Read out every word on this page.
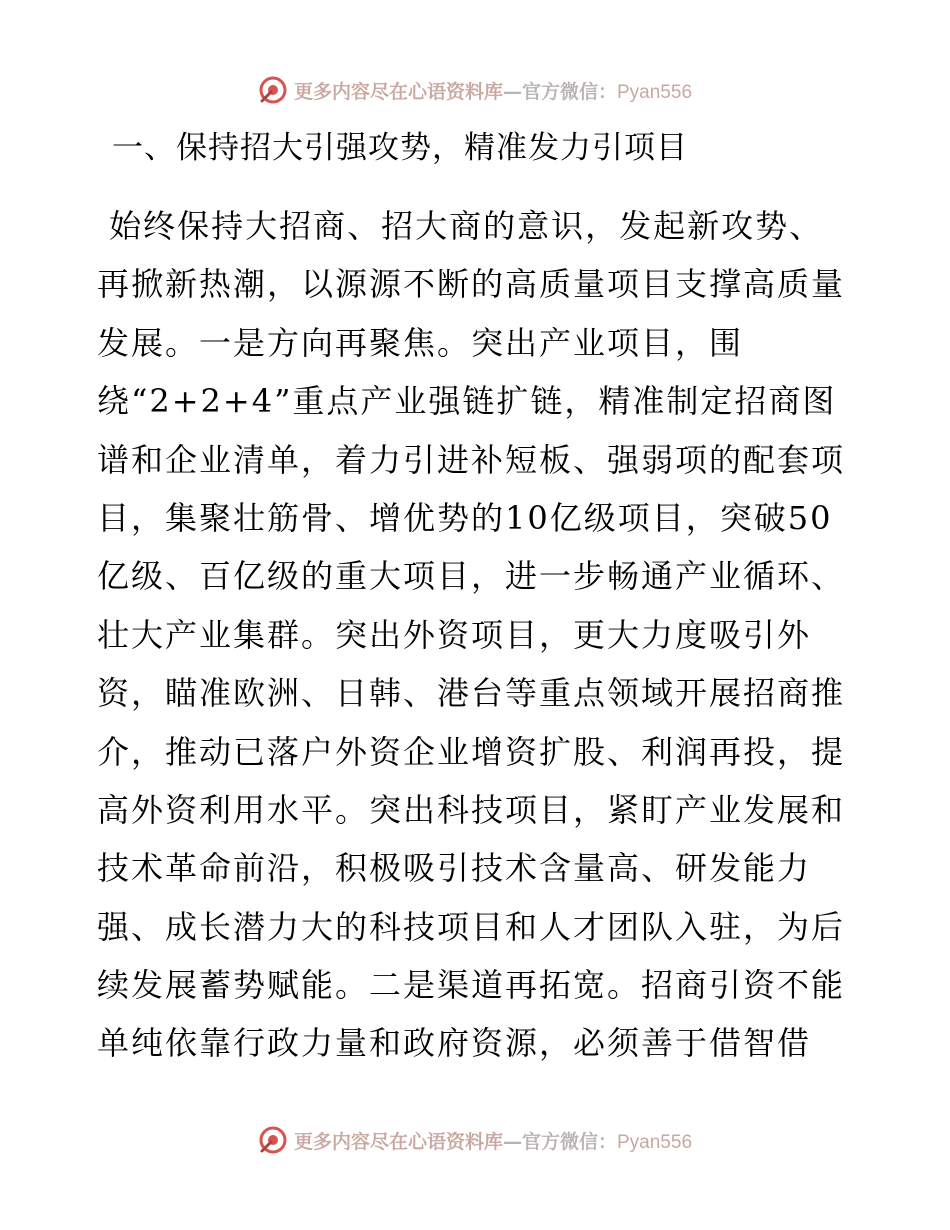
更多内容尽在心语资料库—官方微信：Pyan556
一、保持招大引强攻势，精准发力引项目
始终保持大招商、招大商的意识，发起新攻势、
再掀新热潮，以源源不断的高质量项目支撑高质量
发展。一是方向再聚焦。突出产业项目，围
绕“2+2+4”重点产业强链扩链，精准制定招商图
谱和企业清单，着力引进补短板、强弱项的配套项
目，集聚壮筋骨、增优势的10亿级项目，突破50
亿级、百亿级的重大项目，进一步畅通产业循环、
壮大产业集群。突出外资项目，更大力度吸引外
资，瞄准欧洲、日韩、港台等重点领域开展招商推
介，推动已落户外资企业增资扩股、利润再投，提
高外资利用水平。突出科技项目，紧盯产业发展和
技术革命前沿，积极吸引技术含量高、研发能力
强、成长潜力大的科技项目和人才团队入驻，为后
续发展蓄势赋能。二是渠道再拓宽。招商引资不能
单纯依靠行政力量和政府资源，必须善于借智借
更多内容尽在心语资料库—官方微信：Pyan556
